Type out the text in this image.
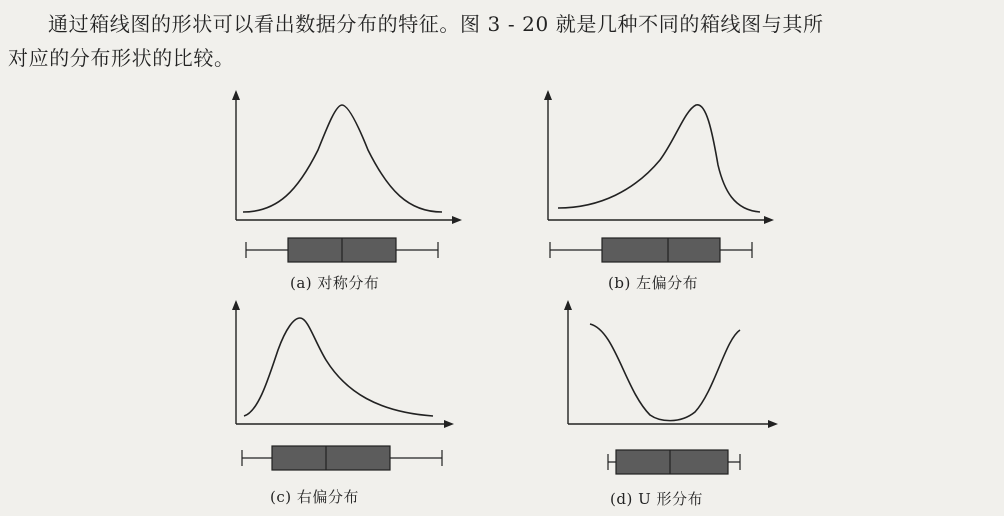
通过箱线图的形状可以看出数据分布的特征。图 3 - 20 就是几种不同的箱线图与其所
对应的分布形状的比较。
(a) 对称分布	(b) 左偏分布
(c) 右偏分布	(d) U 形分布
